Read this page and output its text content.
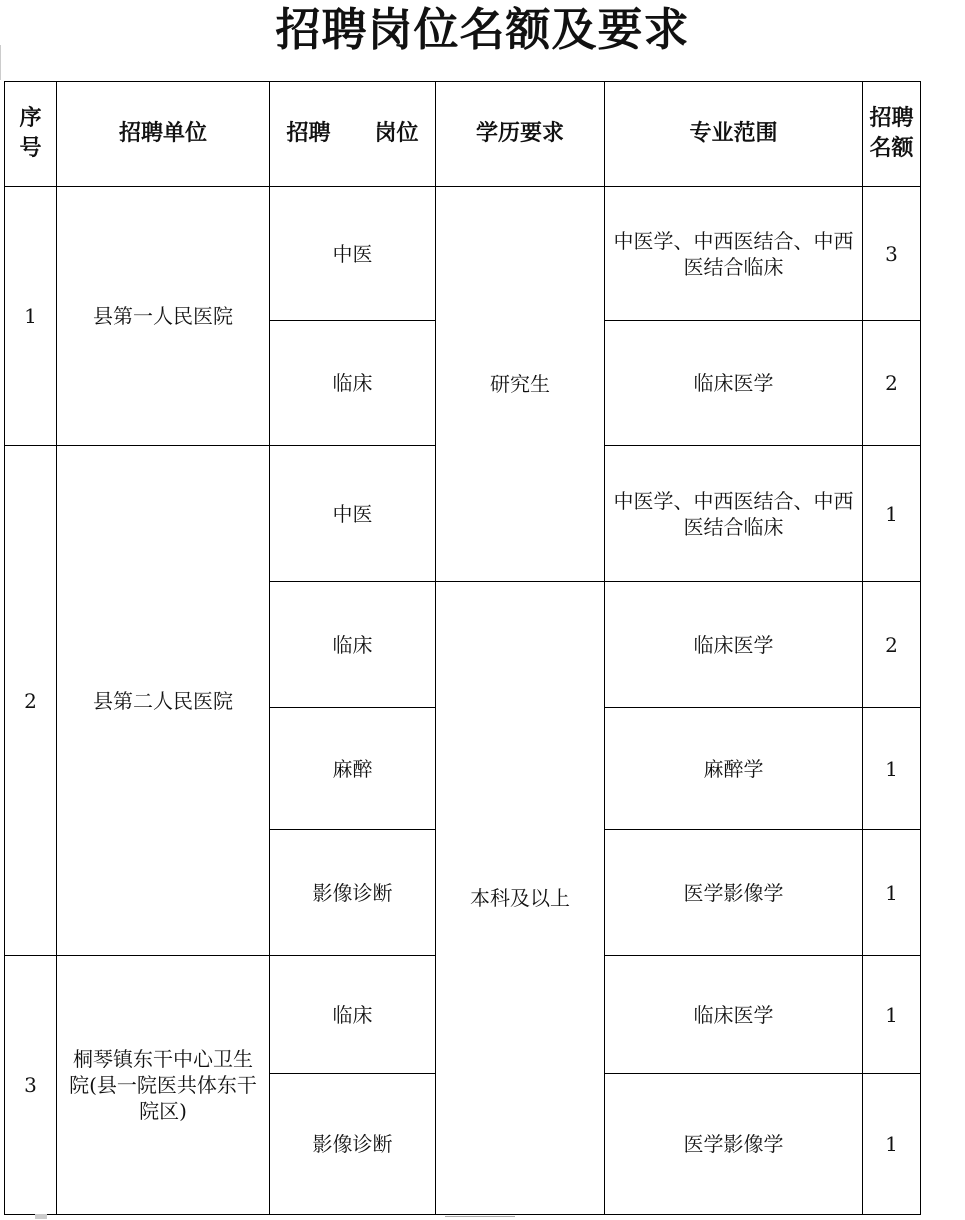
招聘岗位名额及要求
序号	招聘单位	招聘　　岗位	学历要求	专业范围	招聘名额
1	县第一人民医院	中医	研究生	中医学、中西医结合、中西医结合临床	3
		临床		临床医学	2
2	县第二人民医院	中医		中医学、中西医结合、中西医结合临床	1
		临床	本科及以上	临床医学	2
		麻醉		麻醉学	1
		影像诊断		医学影像学	1
3	桐琴镇东干中心卫生院(县一院医共体东干院区)	临床		临床医学	1
		影像诊断		医学影像学	1
